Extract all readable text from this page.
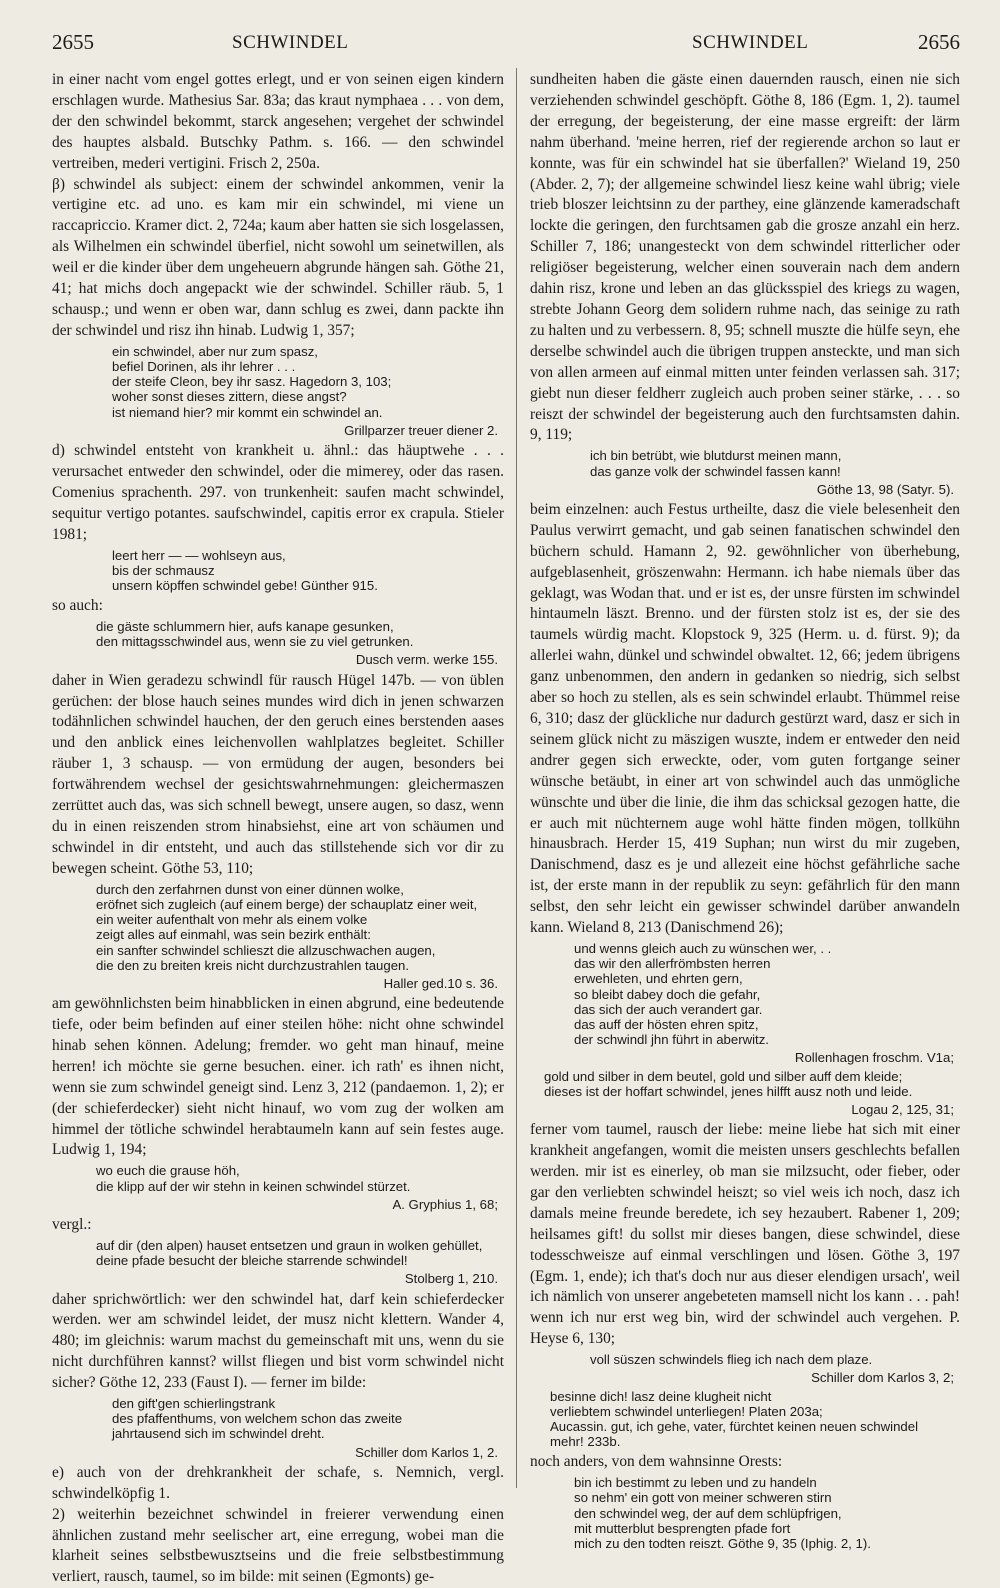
2655	SCHWINDEL	SCHWINDEL	2656

in einer nacht vom engel gottes erlegt, und er von seinen eigen kindern erschlagen wurde. Mathesius Sar. 83a; das kraut nymphaea . . . von dem, der den schwindel bekommt, starck angesehen; vergehet der schwindel des hauptes alsbald. Butschky Pathm. s. 166. — den schwindel vertreiben, mederi vertigini. Frisch 2, 250a.

β) schwindel als subject: einem der schwindel ankommen, venir la vertigine etc. ad uno. es kam mir ein schwindel, mi viene un raccapriccio. Kramer dict. 2, 724a; kaum aber hatten sie sich losgelassen, als Wilhelmen ein schwindel überfiel, nicht sowohl um seinetwillen, als weil er die kinder über dem ungeheuern abgrunde hängen sah. Göthe 21, 41; hat michs doch angepackt wie der schwindel. Schiller räub. 5, 1 schausp.; und wenn er oben war, dann schlug es zwei, dann packte ihn der schwindel und risz ihn hinab. Ludwig 1, 357;

ein schwindel, aber nur zum spasz,
befiel Dorinen, als ihr lehrer . . .
der steife Cleon, bey ihr sasz. Hagedorn 3, 103;
woher sonst dieses zittern, diese angst?
ist niemand hier? mir kommt ein schwindel an.
Grillparzer treuer diener 2.

d) schwindel entsteht von krankheit u. ähnl.: das häuptwehe . . . verursachet entweder den schwindel, oder die mimerey, oder das rasen. Comenius sprachenth. 297. von trunkenheit: saufen macht schwindel, sequitur vertigo potantes. saufschwindel, capitis error ex crapula. Stieler 1981;

leert herr — — wohlseyn aus,
bis der schmausz
unsern köpffen schwindel gebe! Günther 915.

so auch:

die gäste schlummern hier, aufs kanape gesunken,
den mittagsschwindel aus, wenn sie zu viel getrunken.
Dusch verm. werke 155.

daher in Wien geradezu schwindl für rausch Hügel 147b. — von üblen gerüchen: der blose hauch seines mundes wird dich in jenen schwarzen todähnlichen schwindel hauchen, der den geruch eines berstenden aases und den anblick eines leichenvollen wahlplatzes begleitet. Schiller räuber 1, 3 schausp. — von ermüdung der augen, besonders bei fortwährendem wechsel der gesichtswahrnehmungen: gleichermaszen zerrüttet auch das, was sich schnell bewegt, unsere augen, so dasz, wenn du in einen reiszenden strom hinabsiehst, eine art von schäumen und schwindel in dir entsteht, und auch das stillstehende sich vor dir zu bewegen scheint. Göthe 53, 110;

durch den zerfahrnen dunst von einer dünnen wolke,
eröfnet sich zugleich (auf einem berge) der schauplatz einer weit,
ein weiter aufenthalt von mehr als einem volke
zeigt alles auf einmahl, was sein bezirk enthält:
ein sanfter schwindel schlieszt die allzuschwachen augen,
die den zu breiten kreis nicht durchzustrahlen taugen.
Haller ged.10 s. 36.

am gewöhnlichsten beim hinabblicken in einen abgrund, eine bedeutende tiefe, oder beim befinden auf einer steilen höhe: nicht ohne schwindel hinab sehen können. Adelung; fremder. wo geht man hinauf, meine herren! ich möchte sie gerne besuchen. einer. ich rath' es ihnen nicht, wenn sie zum schwindel geneigt sind. Lenz 3, 212 (pandaemon. 1, 2); er (der schieferdecker) sieht nicht hinauf, wo vom zug der wolken am himmel der tötliche schwindel herabtaumeln kann auf sein festes auge. Ludwig 1, 194;

wo euch die grause höh,
die klipp auf der wir stehn in keinen schwindel stürzet.
A. Gryphius 1, 68;

vergl.:

auf dir (den alpen) hauset entsetzen und graun in wolken gehüllet,
deine pfade besucht der bleiche starrende schwindel!
Stolberg 1, 210.

daher sprichwörtlich: wer den schwindel hat, darf kein schieferdecker werden. wer am schwindel leidet, der musz nicht klettern. Wander 4, 480; im gleichnis: warum machst du gemeinschaft mit uns, wenn du sie nicht durchführen kannst? willst fliegen und bist vorm schwindel nicht sicher? Göthe 12, 233 (Faust I). — ferner im bilde:

den gift'gen schierlingstrank
des pfaffenthums, von welchem schon das zweite
jahrtausend sich im schwindel dreht.
Schiller dom Karlos 1, 2.

e) auch von der drehkrankheit der schafe, s. Nemnich, vergl. schwindelköpfig 1.

2) weiterhin bezeichnet schwindel in freierer verwendung einen ähnlichen zustand mehr seelischer art, eine erregung, wobei man die klarheit seines selbstbewusztseins und die freie selbstbestimmung verliert, rausch, taumel, so im bilde: mit seinen (Egmonts) ge-

sundheiten haben die gäste einen dauernden rausch, einen nie sich verziehenden schwindel geschöpft. Göthe 8, 186 (Egm. 1, 2). taumel der erregung, der begeisterung, der eine masse ergreift: der lärm nahm überhand. 'meine herren, rief der regierende archon so laut er konnte, was für ein schwindel hat sie überfallen?' Wieland 19, 250 (Abder. 2, 7); der allgemeine schwindel liesz keine wahl übrig; viele trieb bloszer leichtsinn zu der parthey, eine glänzende kameradschaft lockte die geringen, den furchtsamen gab die grosze anzahl ein herz. Schiller 7, 186; unangesteckt von dem schwindel ritterlicher oder religiöser begeisterung, welcher einen souverain nach dem andern dahin risz, krone und leben an das glücksspiel des kriegs zu wagen, strebte Johann Georg dem solidern ruhme nach, das seinige zu rath zu halten und zu verbessern. 8, 95; schnell muszte die hülfe seyn, ehe derselbe schwindel auch die übrigen truppen ansteckte, und man sich von allen armeen auf einmal mitten unter feinden verlassen sah. 317; giebt nun dieser feldherr zugleich auch proben seiner stärke, . . . so reiszt der schwindel der begeisterung auch den furchtsamsten dahin. 9, 119;

ich bin betrübt, wie blutdurst meinen mann,
das ganze volk der schwindel fassen kann!
Göthe 13, 98 (Satyr. 5).

beim einzelnen: auch Festus urtheilte, dasz die viele belesenheit den Paulus verwirrt gemacht, und gab seinen fanatischen schwindel den büchern schuld. Hamann 2, 92. gewöhnlicher von überhebung, aufgeblasenheit, gröszenwahn: Hermann. ich habe niemals über das geklagt, was Wodan that. und er ist es, der unsre fürsten im schwindel hintaumeln läszt. Brenno. und der fürsten stolz ist es, der sie des taumels würdig macht. Klopstock 9, 325 (Herm. u. d. fürst. 9); da allerlei wahn, dünkel und schwindel obwaltet. 12, 66; jedem übrigens ganz unbenommen, den andern in gedanken so niedrig, sich selbst aber so hoch zu stellen, als es sein schwindel erlaubt. Thümmel reise 6, 310; dasz der glückliche nur dadurch gestürzt ward, dasz er sich in seinem glück nicht zu mäszigen wuszte, indem er entweder den neid andrer gegen sich erweckte, oder, vom guten fortgange seiner wünsche betäubt, in einer art von schwindel auch das unmögliche wünschte und über die linie, die ihm das schicksal gezogen hatte, die er auch mit nüchternem auge wohl hätte finden mögen, tollkühn hinausbrach. Herder 15, 419 Suphan; nun wirst du mir zugeben, Danischmend, dasz es je und allezeit eine höchst gefährliche sache ist, der erste mann in der republik zu seyn: gefährlich für den mann selbst, den sehr leicht ein gewisser schwindel darüber anwandeln kann. Wieland 8, 213 (Danischmend 26);

und wenns gleich auch zu wünschen wer, . .
das wir den allerfrömbsten herren
erwehleten, und ehrten gern,
so bleibt dabey doch die gefahr,
das sich der auch verandert gar.
das auff der hösten ehren spitz,
der schwindl jhn führt in aberwitz.
Rollenhagen froschm. V1a;
gold und silber in dem beutel, gold und silber auff dem kleide;
dieses ist der hoffart schwindel, jenes hilfft ausz noth und leide.
Logau 2, 125, 31;

ferner vom taumel, rausch der liebe: meine liebe hat sich mit einer krankheit angefangen, womit die meisten unsers geschlechts befallen werden. mir ist es einerley, ob man sie milzsucht, oder fieber, oder gar den verliebten schwindel heiszt; so viel weis ich noch, dasz ich damals meine freunde beredete, ich sey hezaubert. Rabener 1, 209; heilsames gift! du sollst mir dieses bangen, diese schwindel, diese todesschweisze auf einmal verschlingen und lösen. Göthe 3, 197 (Egm. 1, ende); ich that's doch nur aus dieser elendigen ursach', weil ich nämlich von unserer angebeteten mamsell nicht los kann . . . pah! wenn ich nur erst weg bin, wird der schwindel auch vergehen. P. Heyse 6, 130;

voll süszen schwindels flieg ich nach dem plaze.
Schiller dom Karlos 3, 2;
besinne dich! lasz deine klugheit nicht
verliebtem schwindel unterliegen! Platen 203a;
Aucassin. gut, ich gehe, vater, fürchtet keinen neuen schwindel
mehr! 233b.

noch anders, von dem wahnsinne Orests:

bin ich bestimmt zu leben und zu handeln
so nehm' ein gott von meiner schweren stirn
den schwindel weg, der auf dem schlüpfrigen,
mit mutterblut besprengten pfade fort
mich zu den todten reiszt. Göthe 9, 35 (Iphig. 2, 1).
